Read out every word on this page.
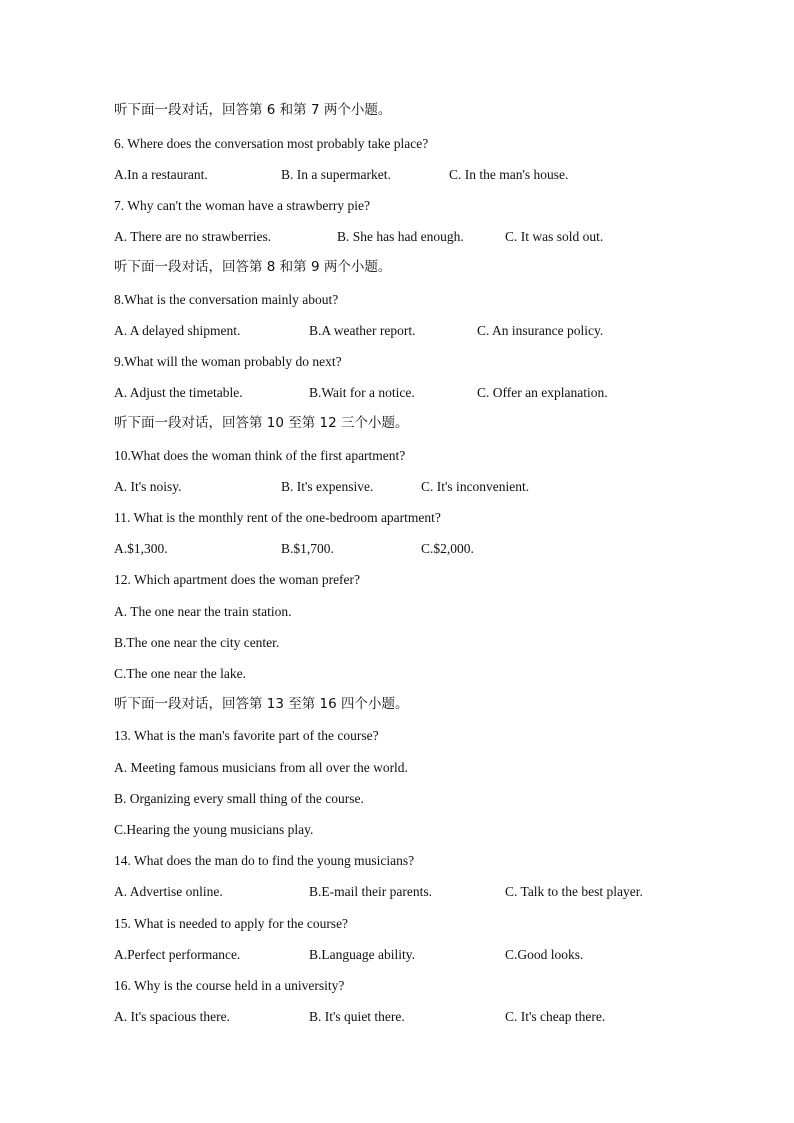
听下面一段对话，回答第 6 和第 7 两个小题。
6. Where does the conversation most probably take place?
A.In a restaurant.	B. In a supermarket.	C. In the man's house.
7. Why can't the woman have a strawberry pie?
A. There are no strawberries.	B. She has had enough.	C. It was sold out.
听下面一段对话，回答第 8 和第 9 两个小题。
8.What is the conversation mainly about?
A. A delayed shipment.	B.A weather report.	C. An insurance policy.
9.What will the woman probably do next?
A. Adjust the timetable.	B.Wait for a notice.	C. Offer an explanation.
听下面一段对话，回答第 10 至第 12 三个小题。
10.What does the woman think of the first apartment?
A. It's noisy.	B. It's expensive.	C. It's inconvenient.
11. What is the monthly rent of the one-bedroom apartment?
A.$1,300.	B.$1,700.	C.$2,000.
12. Which apartment does the woman prefer?
A. The one near the train station.
B.The one near the city center.
C.The one near the lake.
听下面一段对话，回答第 13 至第 16 四个小题。
13. What is the man's favorite part of the course?
A. Meeting famous musicians from all over the world.
B. Organizing every small thing of the course.
C.Hearing the young musicians play.
14. What does the man do to find the young musicians?
A. Advertise online.	B.E-mail their parents.	C. Talk to the best player.
15. What is needed to apply for the course?
A.Perfect performance.	B.Language ability.	C.Good looks.
16. Why is the course held in a university?
A. It's spacious there.	B. It's quiet there.	C. It's cheap there.
